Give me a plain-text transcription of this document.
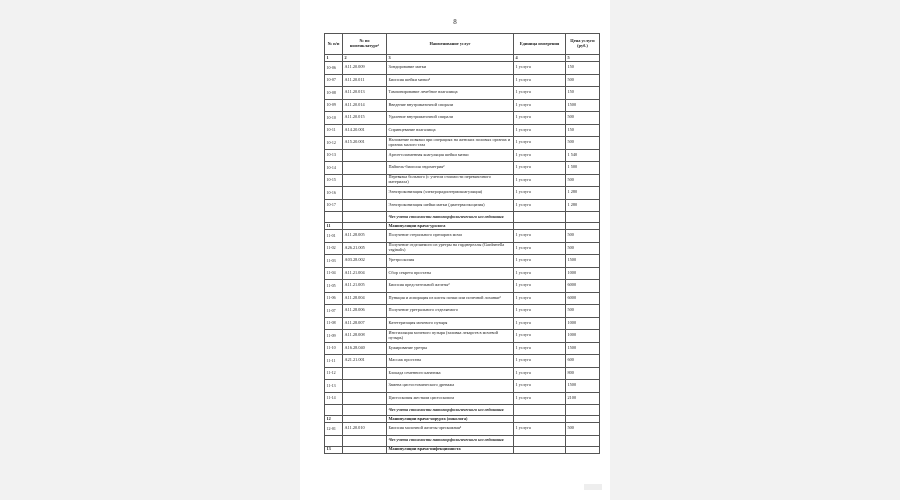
8
№ п/п	№ по номенклатуре¹	Наименование услуг	Единица измерения	Цена услуги (руб.)
1	2	3	4	5
10-06	А11.20.009	Зондирование матки	1 услуга	150
10-07	А11.20.011	Биопсия шейки матки²	1 услуга	500
10-08	А11.20.013	Тампонирование лечебное влагалища	1 услуга	150
10-09	А11.20.014	Введение внутриматочной спирали	1 услуга	1500
10-10	А11.20.015	Удаление внутриматочной спирали	1 услуга	500
10-11	А14.20.001	Спринцевание влагалища	1 услуга	150
10-12	А15.20.001	Наложение повязки при операциях на женских половых органах и органах малого таза	1 услуга	500
10-13		Аргон-плазменная коагуляция шейки матки	1 услуга	1 540
10-14		Пайпель-биопсия эндометрия²	1 услуга	1 500
10-15		Перевязка больного (с учетом стоимости перевязочного материала)	1 услуга	500
10-16		Электроконизация (электрорадиотермокоагуляция)	1 услуга	1 280
10-17		Электроконизация шейки матки (диатермоэксцизия)	1 услуга	1 280
		²без учета стоимости патоморфологического исследования		
11		Манипуляции врача-уролога		
11-01	А11.28.005	Получение стерильного препарата мочи	1 услуга	500
11-02	А26.21.005	Получение отделяемого из уретры на гарднереллы (Gardnerella vaginalis)	1 услуга	500
11-03	А03.28.002	Уретроскопия	1 услуга	1500
11-04	А11.21.004	Сбор секрета простаты	1 услуга	1000
11-05	А11.21.005	Биопсия предстательной железы²	1 услуга	6000
11-06	А11.28.004	Пункция и аспирация из кисты почки или почечной лоханки²	1 услуга	6000
11-07	А11.28.006	Получение уретрального отделяемого	1 услуга	500
11-08	А11.28.007	Катетеризация мочевого пузыря	1 услуга	1000
11-09	А11.28.008	Инстилляция мочевого пузыря (заливка лекарств в мочевой пузырь)	1 услуга	1000
11-10	А16.28.040	Бужирование уретры	1 услуга	1500
11-11	А21.21.001	Массаж простаты	1 услуга	600
11-12		Блокада семенного канатика	1 услуга	800
11-13		Замена цистостомического дренажа	1 услуга	1500
11-14		Цистоскопия жестким цистоскопом	1 услуга	2100
		²без учета стоимости патоморфологического исследования		
12		Манипуляции врача-хирурга (онколога)		
12-01	А11.20.010	Биопсия молочной железы чрескожная²	1 услуга	500
		²без учета стоимости патоморфологического исследования		
13		Манипуляции врача-инфекциониста		
